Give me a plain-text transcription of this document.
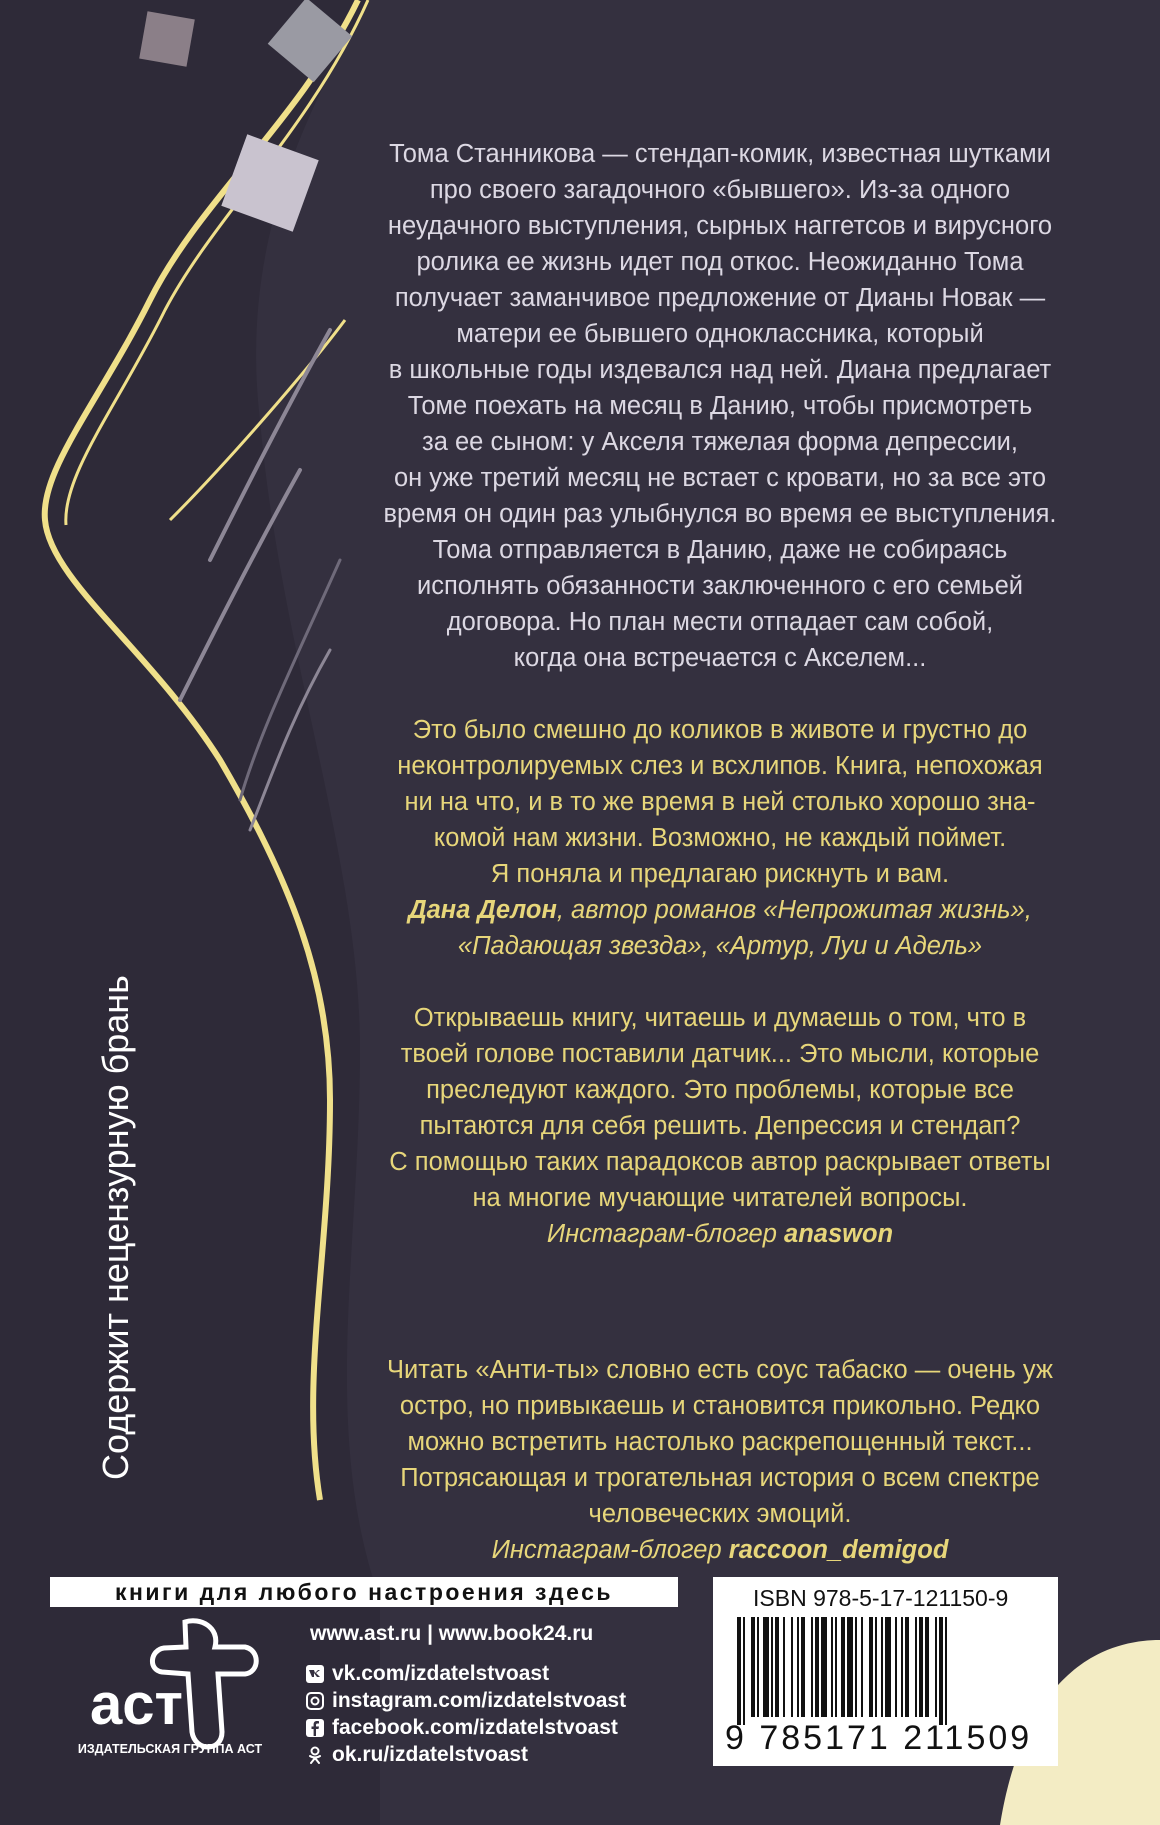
Тома Станникова — стендап-комик, известная шутками
про своего загадочного «бывшего». Из-за одного
неудачного выступления, сырных наггетсов и вирусного
ролика ее жизнь идет под откос. Неожиданно Тома
получает заманчивое предложение от Дианы Новак —
матери ее бывшего одноклассника, который
в школьные годы издевался над ней. Диана предлагает
Томе поехать на месяц в Данию, чтобы присмотреть
за ее сыном: у Акселя тяжелая форма депрессии,
он уже третий месяц не встает с кровати, но за все это
время он один раз улыбнулся во время ее выступления.
Тома отправляется в Данию, даже не собираясь
исполнять обязанности заключенного с его семьей
договора. Но план мести отпадает сам собой,
когда она встречается с Акселем...
Это было смешно до коликов в животе и грустно до
неконтролируемых слез и всхлипов. Книга, непохожая
ни на что, и в то же время в ней столько хорошо зна-
комой нам жизни. Возможно, не каждый поймет.
Я поняла и предлагаю рискнуть и вам.
Дана Делон, автор романов «Непрожитая жизнь»,
«Падающая звезда», «Артур, Луи и Адель»
Открываешь книгу, читаешь и думаешь о том, что в
твоей голове поставили датчик... Это мысли, которые
преследуют каждого. Это проблемы, которые все
пытаются для себя решить. Депрессия и стендап?
С помощью таких парадоксов автор раскрывает ответы
на многие мучающие читателей вопросы.
Инстаграм-блогер anaswon
Читать «Анти-ты» словно есть соус табаско — очень уж
остро, но привыкаешь и становится прикольно. Редко
можно встретить настолько раскрепощенный текст...
Потрясающая и трогательная история о всем спектре
человеческих эмоций.
Инстаграм-блогер raccoon_demigod
Содержит нецензурную брань
книги для любого настроения здесь
аст
ИЗДАТЕЛЬСКАЯ ГРУППА АСТ
www.ast.ru | www.book24.ru
vk.com/izdatelstvoast
instagram.com/izdatelstvoast
facebook.com/izdatelstvoast
ok.ru/izdatelstvoast
ISBN 978-5-17-121150-9
9 785171 211509
